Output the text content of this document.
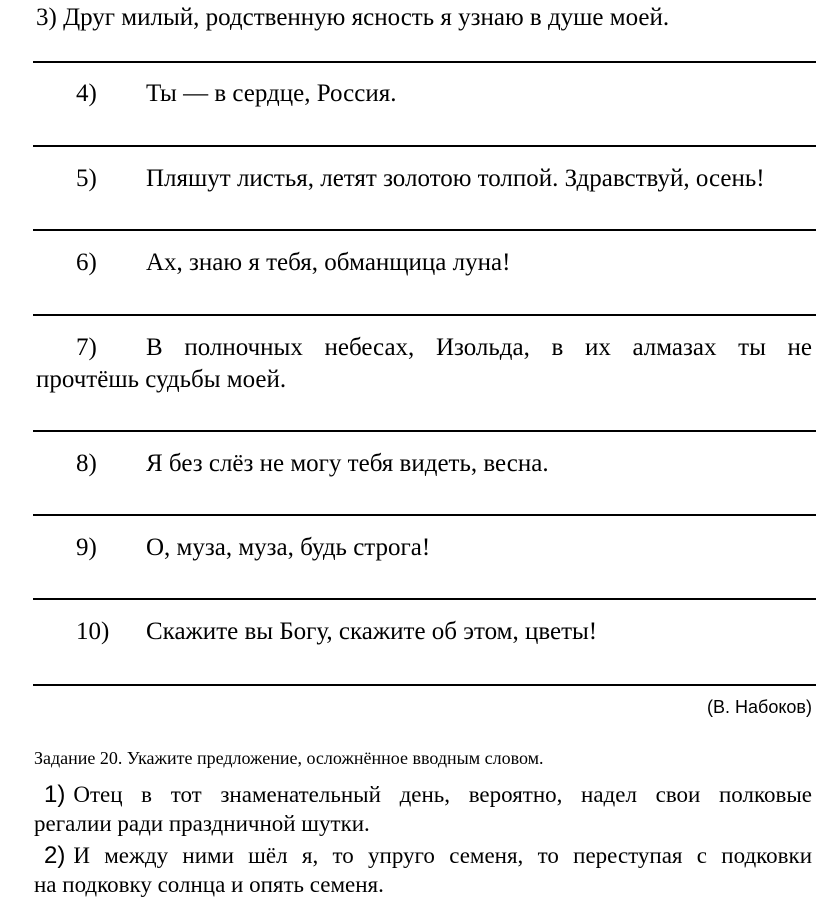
3) Друг милый, родственную ясность я узнаю в душе моей.
4) Ты — в сердце, Россия.
5) Пляшут листья, летят золотою толпой. Здравствуй, осень!
6) Ах, знаю я тебя, обманщица луна!
7) В полночных небесах, Изольда, в их алмазах ты не
прочтёшь судьбы моей.
8) Я без слёз не могу тебя видеть, весна.
9) О, муза, муза, будь строга!
10) Скажите вы Богу, скажите об этом, цветы!
(В. Набоков)
Задание 20. Укажите предложение, осложнённое вводным словом.
1) Отец в тот знаменательный день, вероятно, надел свои полковые
регалии ради праздничной шутки.
2) И между ними шёл я, то упруго семеня, то переступая с подковки
на подковку солнца и опять семеня.
